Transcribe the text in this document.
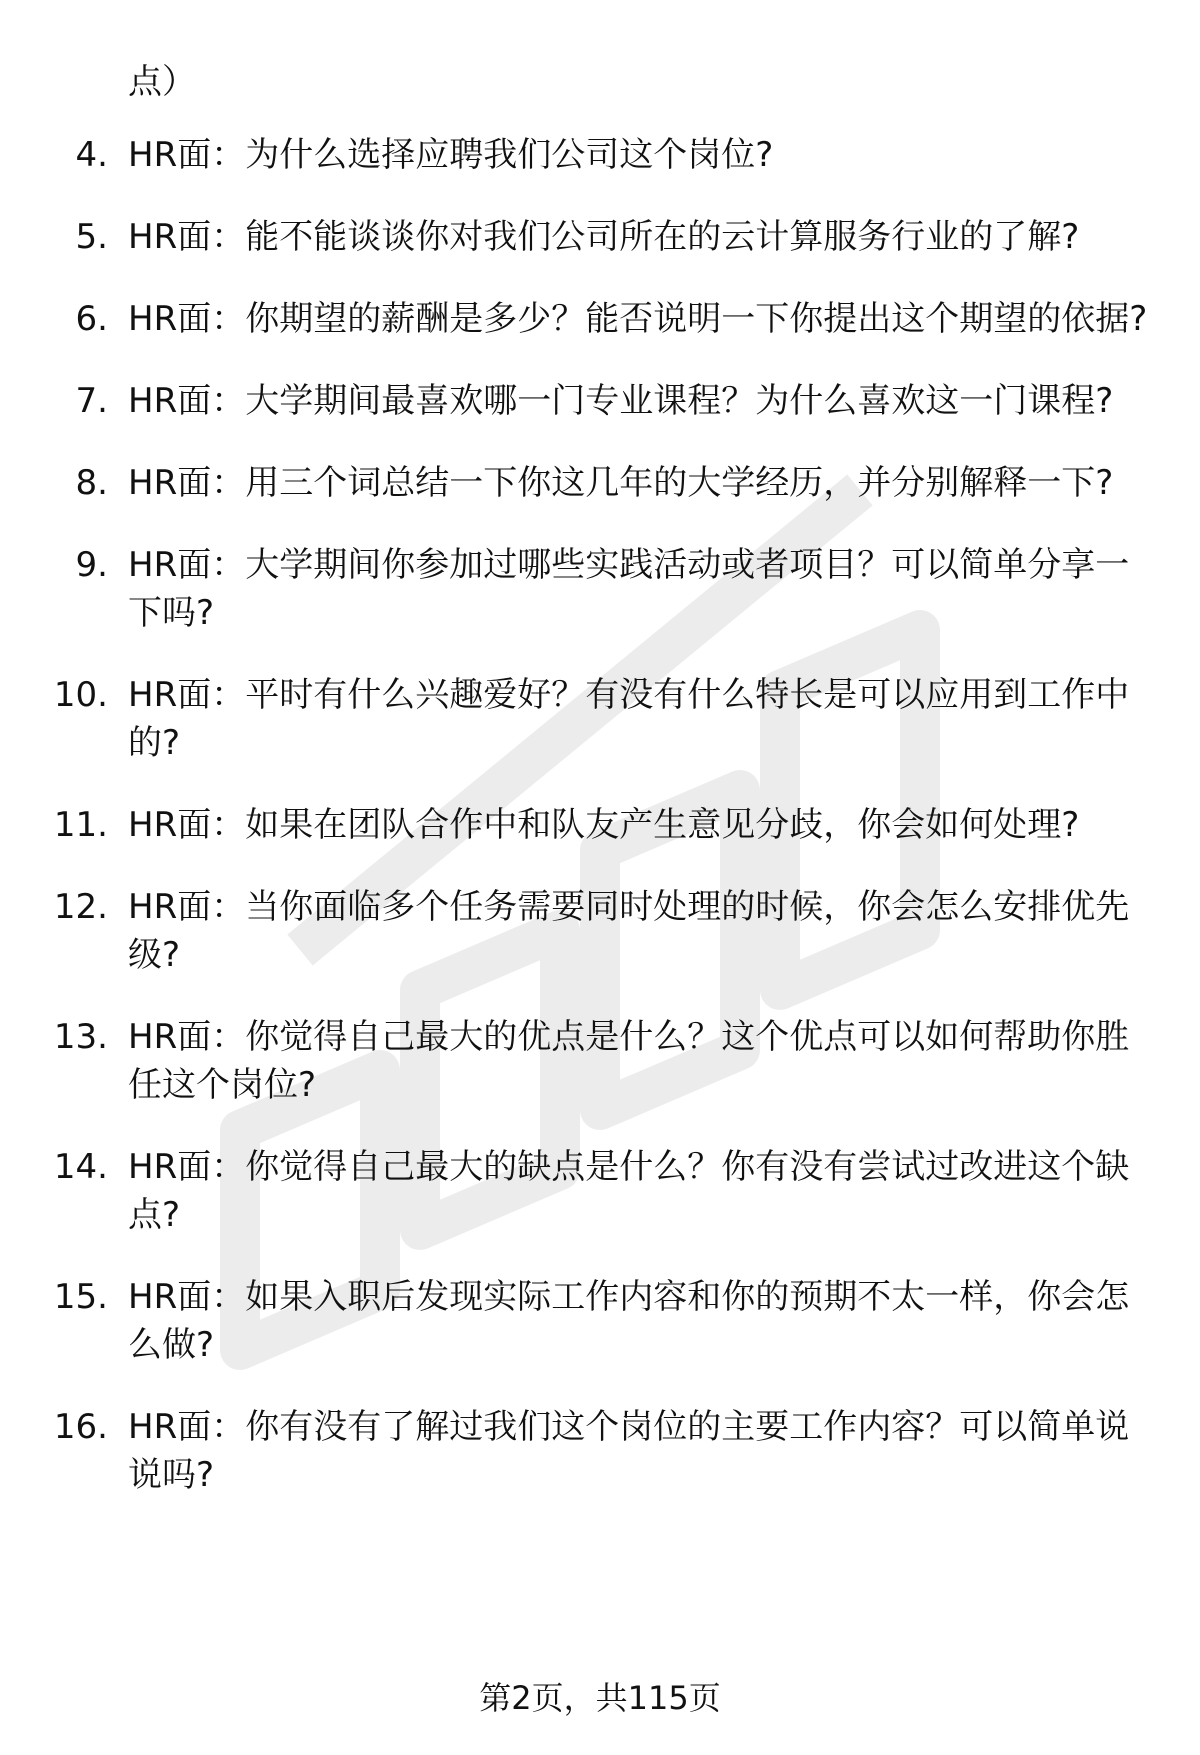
点）
4. HR面：为什么选择应聘我们公司这个岗位?
5. HR面：能不能谈谈你对我们公司所在的云计算服务行业的了解?
6. HR面：你期望的薪酬是多少？能否说明一下你提出这个期望的依据?
7. HR面：大学期间最喜欢哪一门专业课程？为什么喜欢这一门课程?
8. HR面：用三个词总结一下你这几年的大学经历，并分别解释一下?
9. HR面：大学期间你参加过哪些实践活动或者项目？可以简单分享一下吗?
10. HR面：平时有什么兴趣爱好？有没有什么特长是可以应用到工作中的?
11. HR面：如果在团队合作中和队友产生意见分歧，你会如何处理?
12. HR面：当你面临多个任务需要同时处理的时候，你会怎么安排优先级?
13. HR面：你觉得自己最大的优点是什么？这个优点可以如何帮助你胜任这个岗位?
14. HR面：你觉得自己最大的缺点是什么？你有没有尝试过改进这个缺点?
15. HR面：如果入职后发现实际工作内容和你的预期不太一样，你会怎么做?
16. HR面：你有没有了解过我们这个岗位的主要工作内容？可以简单说说吗?
第2页，共115页
